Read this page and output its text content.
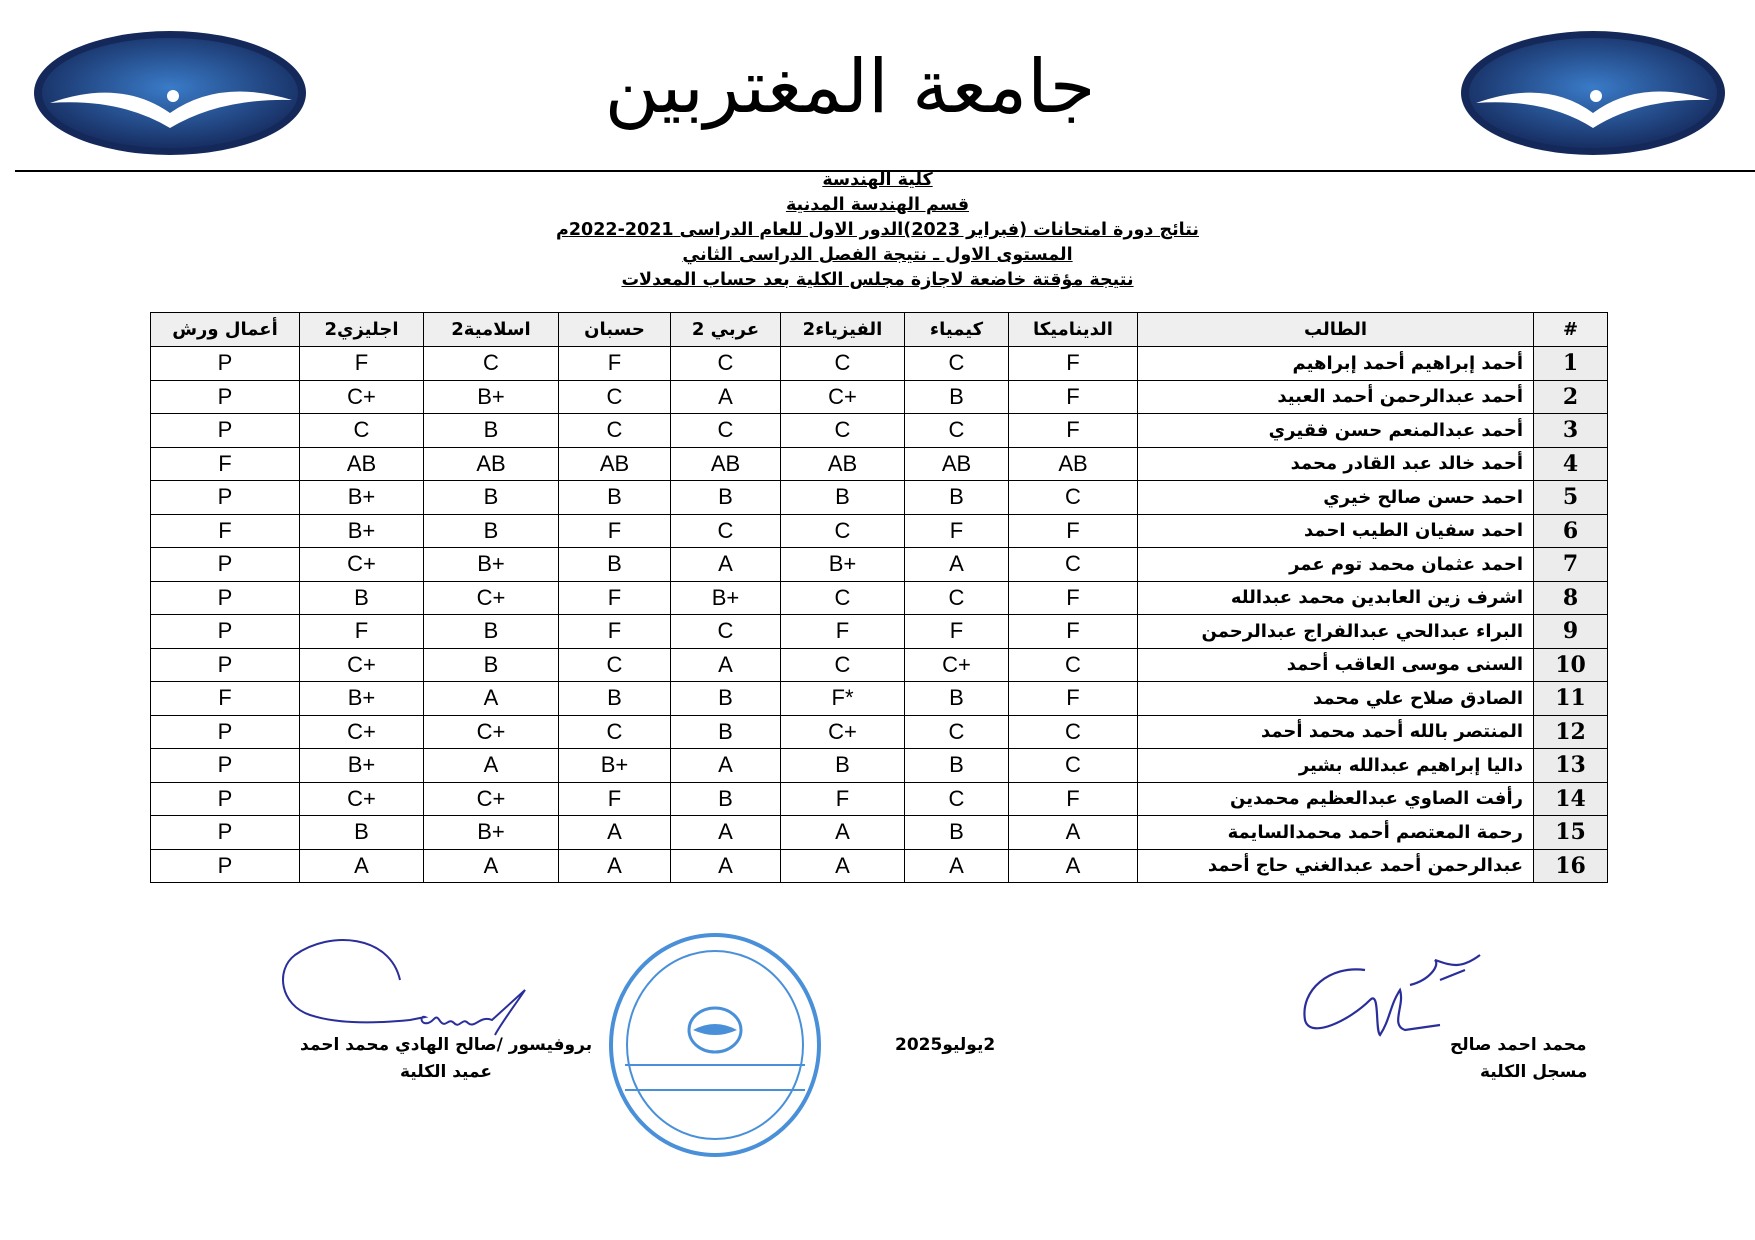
جامعة المغتربين
كلية الهندسة
قسم الهندسة المدنية
نتائج دورة امتحانات (فبراير 2023)الدور الاول للعام الدراسى 2021-2022م
المستوى الاول ـ نتيجة الفصل الدراسى الثاني
نتيجة مؤقتة خاضعة لاجازة مجلس الكلية بعد حساب المعدلات
#	الطالب	الديناميكا	كيمياء	الفيزياء2	عربي 2	حسبان	اسلامية2	اجليزي2	أعمال ورش
1	أحمد إبراهيم أحمد إبراهيم	F	C	C	C	F	C	F	P
2	أحمد عبدالرحمن أحمد العبيد	F	B	C+	A	C	B+	C+	P
3	أحمد عبدالمنعم حسن فقيري	F	C	C	C	C	B	C	P
4	أحمد خالد عبد القادر محمد	AB	AB	AB	AB	AB	AB	AB	F
5	احمد حسن صالح خيري	C	B	B	B	B	B	B+	P
6	احمد سفيان الطيب احمد	F	F	C	C	F	B	B+	F
7	احمد عثمان محمد توم عمر	C	A	B+	A	B	B+	C+	P
8	اشرف زين العابدين محمد عبدالله	F	C	C	B+	F	C+	B	P
9	البراء عبدالحي عبدالفراج عبدالرحمن	F	F	F	C	F	B	F	P
10	السنى موسى العاقب أحمد	C	C+	C	A	C	B	C+	P
11	الصادق صلاح علي محمد	F	B	F*	B	B	A	B+	F
12	المنتصر بالله أحمد محمد أحمد	C	C	C+	B	C	C+	C+	P
13	داليا إبراهيم عبدالله بشير	C	B	B	A	B+	A	B+	P
14	رأفت الصاوي عبدالعظيم محمدين	F	C	F	B	F	C+	C+	P
15	رحمة المعتصم أحمد محمدالسايمة	A	B	A	A	A	B+	B	P
16	عبدالرحمن أحمد عبدالغني حاج أحمد	A	A	A	A	A	A	A	P
بروفيسور /صالح الهادي محمد احمد
عميد الكلية
2يوليو2025	محمد احمد صالح
مسجل الكلية
